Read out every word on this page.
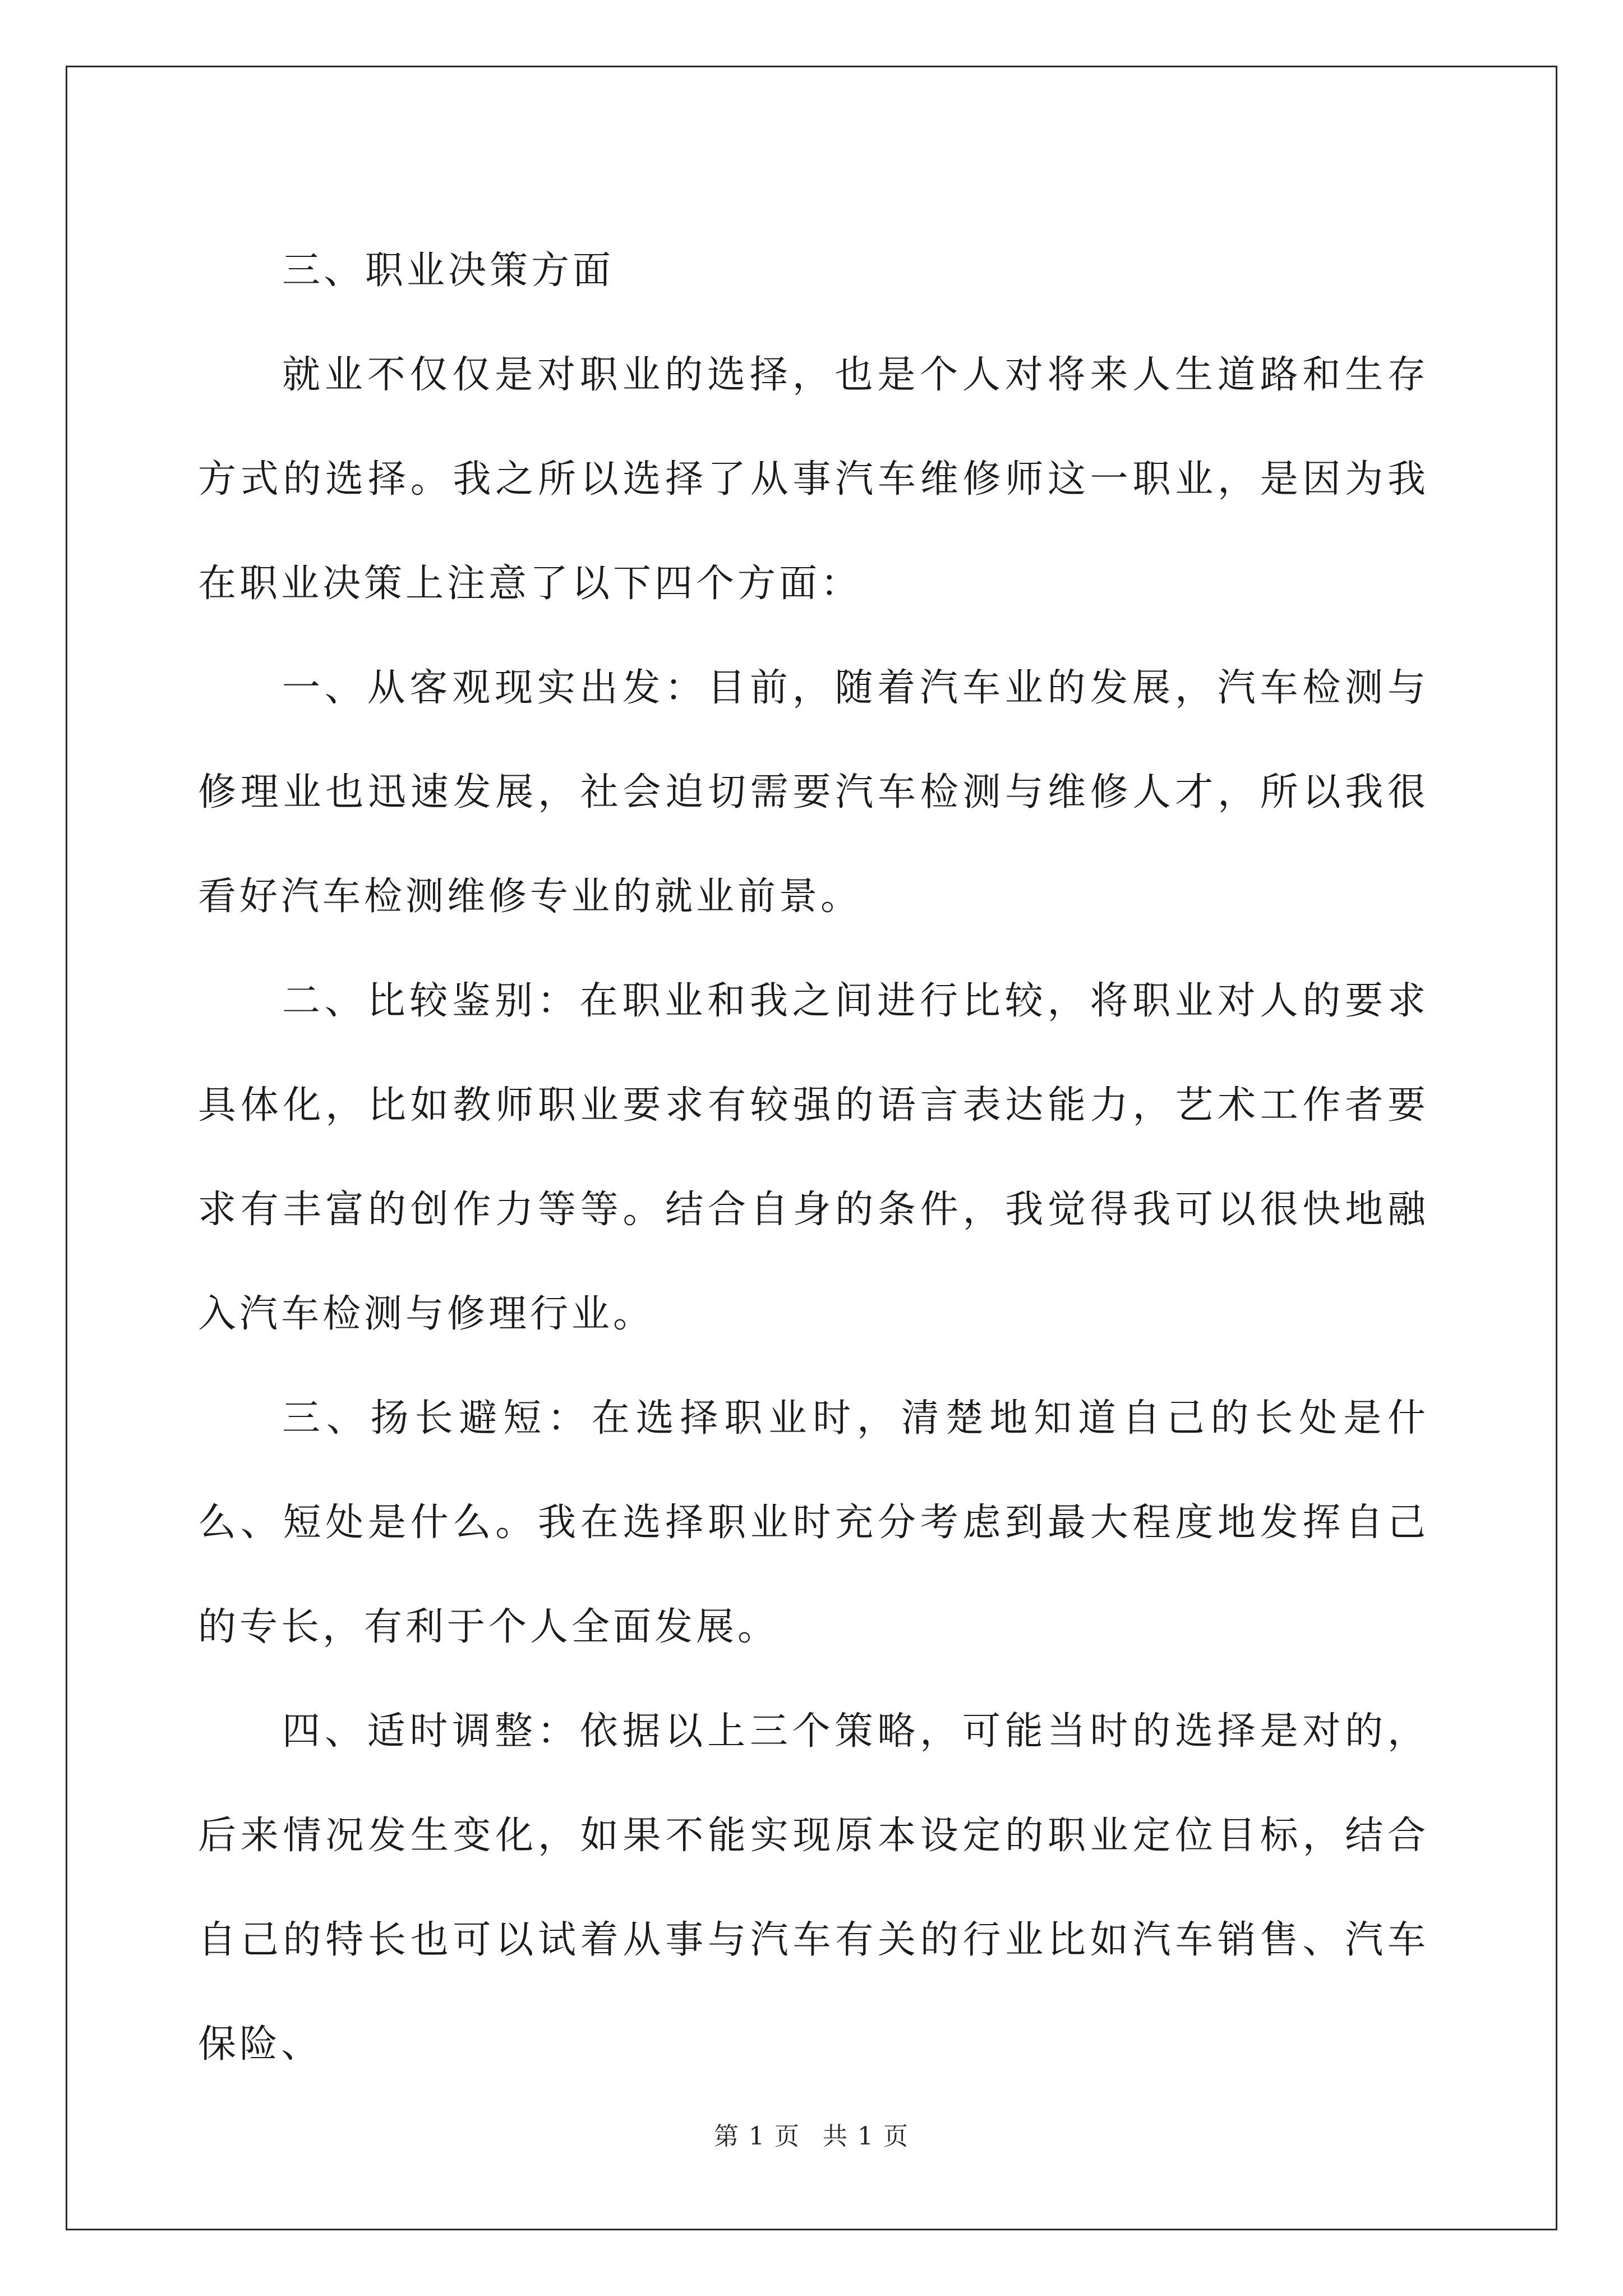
三、职业决策方面

就业不仅仅是对职业的选择，也是个人对将来人生道路和生存方式的选择。我之所以选择了从事汽车维修师这一职业，是因为我在职业决策上注意了以下四个方面：

一、从客观现实出发：目前，随着汽车业的发展，汽车检测与修理业也迅速发展，社会迫切需要汽车检测与维修人才，所以我很看好汽车检测维修专业的就业前景。

二、比较鉴别：在职业和我之间进行比较，将职业对人的要求具体化，比如教师职业要求有较强的语言表达能力，艺术工作者要求有丰富的创作力等等。结合自身的条件，我觉得我可以很快地融入汽车检测与修理行业。

三、扬长避短：在选择职业时，清楚地知道自己的长处是什么、短处是什么。我在选择职业时充分考虑到最大程度地发挥自己的专长，有利于个人全面发展。

四、适时调整：依据以上三个策略，可能当时的选择是对的，后来情况发生变化，如果不能实现原本设定的职业定位目标，结合自己的特长也可以试着从事与汽车有关的行业比如汽车销售、汽车保险、

第 1 页 共 1 页
